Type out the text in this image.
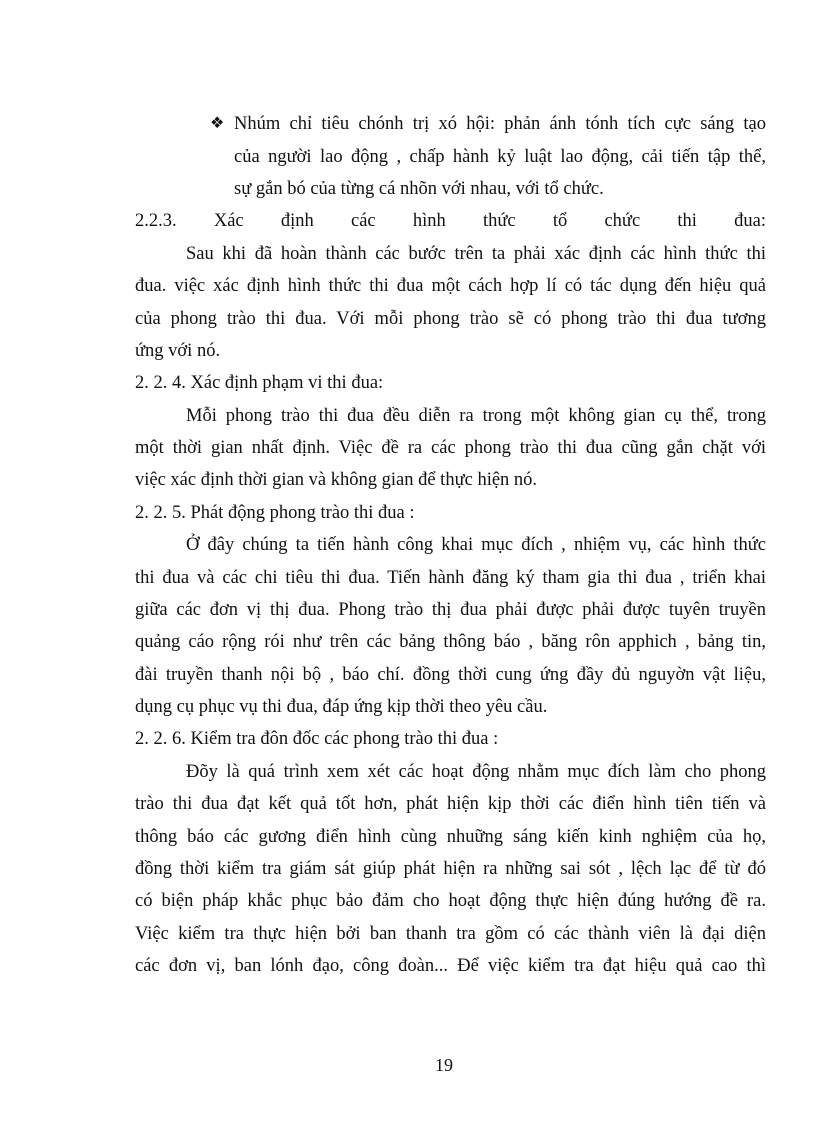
❖ Nhúm chỉ tiêu chónh trị xó hội: phản ánh tónh tích cực sáng tạo
của người lao động , chấp hành kỷ luật lao động, cải tiến tập thể,
sự gắn bó của từng cá nhõn với nhau, với tổ chức.
2.2.3. Xác định các hình thức tổ chức thi đua:
Sau khi đã hoàn thành các bước trên ta phải xác định các hình thức thi
đua. việc xác định hình thức thi đua một cách hợp lí có tác dụng đến hiệu quả
của phong trào thi đua. Với mỗi phong trào sẽ có phong trào thi đua tương
ứng với nó.
2. 2. 4. Xác định phạm vi thi đua:
Mỗi phong trào thi đua đều diễn ra trong một không gian cụ thể, trong
một thời gian nhất định. Việc đề ra các phong trào thi đua cũng gắn chặt với
việc xác định thời gian và không gian để thực hiện nó.
2. 2. 5. Phát động phong trào thi đua :
Ở đây chúng ta tiến hành công khai mục đích , nhiệm vụ, các hình thức
thi đua và các chi tiêu thi đua. Tiến hành đăng ký tham gia thi đua , triển khai
giữa các đơn vị thị đua. Phong trào thị đua phải được phải được tuyên truyền
quảng cáo rộng rói như trên các bảng thông báo , băng rôn apphich , bảng tin,
đài truyền thanh nội bộ , báo chí. đồng thời cung ứng đầy đủ nguyờn vật liệu,
dụng cụ phục vụ thi đua, đáp ứng kịp thời theo yêu cầu.
2. 2. 6. Kiểm tra đôn đốc các phong trào thi đua :
Đõy là quá trình xem xét các hoạt động nhằm mục đích làm cho phong
trào thi đua đạt kết quả tốt hơn, phát hiện kịp thời các điển hình tiên tiến và
thông báo các gương điển hình cùng nhuững sáng kiến kinh nghiệm của họ,
đồng thời kiểm tra giám sát giúp phát hiện ra những sai sót , lệch lạc để từ đó
có biện pháp khắc phục bảo đảm cho hoạt động thực hiện đúng hướng đề ra.
Việc kiểm tra thực hiện bởi ban thanh tra gồm có các thành viên là đại diện
các đơn vị, ban lónh đạo, công đoàn... Để việc kiểm tra đạt hiệu quả cao thì
19
